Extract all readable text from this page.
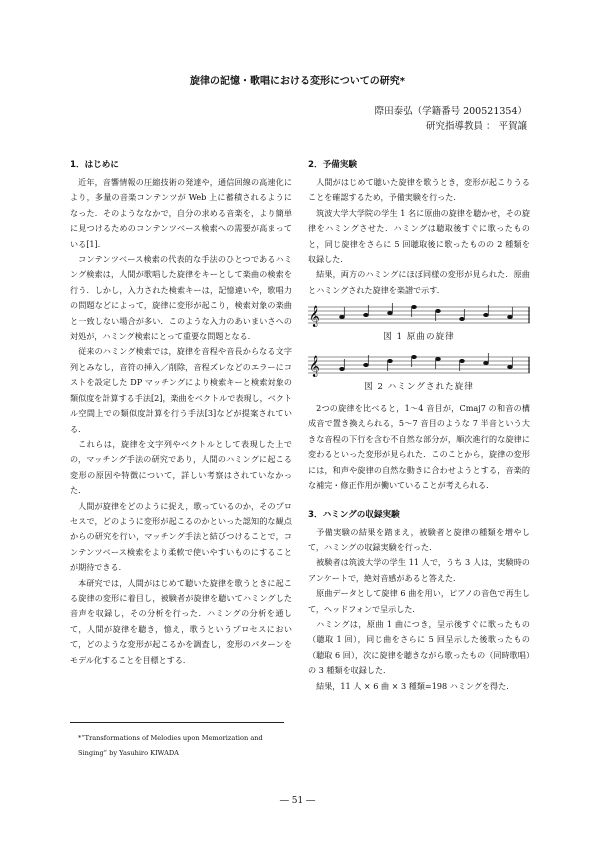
旋律の記憶・歌唱における変形についての研究*
際田泰弘（学籍番号 200521354）
研究指導教員 ： 平賀譲
1．はじめに

近年，音響情報の圧縮技術の発達や，通信回線の高速化により，多量の音楽コンテンツが Web 上に蓄積されるようになった．そのようななかで，自分の求める音楽を，より簡単に見つけるためのコンテンツベース検索への需要が高まっている[1].

コンテンツベース検索の代表的な手法のひとつであるハミング検索は，人間が歌唱した旋律をキーとして楽曲の検索を行う．しかし，入力された検索キーは，記憶違いや，歌唱力の問題などによって，旋律に変形が起こり，検索対象の楽曲と一致しない場合が多い．このような入力のあいまいさへの対処が，ハミング検索にとって重要な問題となる．

従来のハミング検索では，旋律を音程や音長からなる文字列とみなし，音符の挿入／削除，音程ズレなどのエラーにコストを設定した DP マッチングにより検索キーと検索対象の類似度を計算する手法[2]，楽曲をベクトルで表現し，ベクトル空間上での類似度計算を行う手法[3]などが提案されている．

これらは，旋律を文字列やベクトルとして表現した上での，マッチング手法の研究であり，人間のハミングに起こる変形の原因や特徴について，詳しい考察はされていなかった．

人間が旋律をどのように捉え，歌っているのか，そのプロセスで，どのように変形が起こるのかといった認知的な観点からの研究を行い，マッチング手法と結びつけることで，コンテンツベース検索をより柔軟で使いやすいものにすることが期待できる．

本研究では，人間がはじめて聴いた旋律を歌うときに起こる旋律の変形に着目し，被験者が旋律を聴いてハミングした音声を収録し，その分析を行った．ハミングの分析を通して，人間が旋律を聴き，憶え，歌うというプロセスにおいて，どのような変形が起こるかを調査し，変形のパターンをモデル化することを目標とする．

2．予備実験

人間がはじめて聴いた旋律を歌うとき，変形が起こりうることを確認するため，予備実験を行った．

筑波大学大学院の学生 1 名に原曲の旋律を聴かせ，その旋律をハミングさせた．ハミングは聴取後すぐに歌ったものと，同じ旋律をさらに 5 回聴取後に歌ったものの 2 種類を収録した．

結果，両方のハミングにほぼ同様の変形が見られた．原曲とハミングされた旋律を楽譜で示す．

𝄞
図 1 原曲の旋律
𝄞
図 2 ハミングされた旋律

2つの旋律を比べると，1～4 音目が，Cmaj7 の和音の構成音で置き換えられる，5～7 音目のような 7 半音という大きな音程の下行を含む不自然な部分が，順次進行的な旋律に変わるといった変形が見られた．このことから，旋律の変形には，和声や旋律の自然な動きに合わせようとする，音楽的な補完・修正作用が働いていることが考えられる．

3．ハミングの収録実験

予備実験の結果を踏まえ，被験者と旋律の種類を増やして，ハミングの収録実験を行った．

被験者は筑波大学の学生 11 人で，うち 3 人は，実験時のアンケートで，絶対音感があると答えた．

原曲データとして旋律 6 曲を用い，ピアノの音色で再生して，ヘッドフォンで呈示した．

ハミングは，原曲 1 曲につき，呈示後すぐに歌ったもの（聴取 1 回），同じ曲をさらに 5 回呈示した後歌ったもの（聴取 6 回），次に旋律を聴きながら歌ったもの（同時歌唱）の 3 種類を収録した．

結果，11 人 × 6 曲 × 3 種類=198 ハミングを得た．

*“Transformations of Melodies upon Memorization and Singing” by Yasuhiro KIWADA
― 51 ―
